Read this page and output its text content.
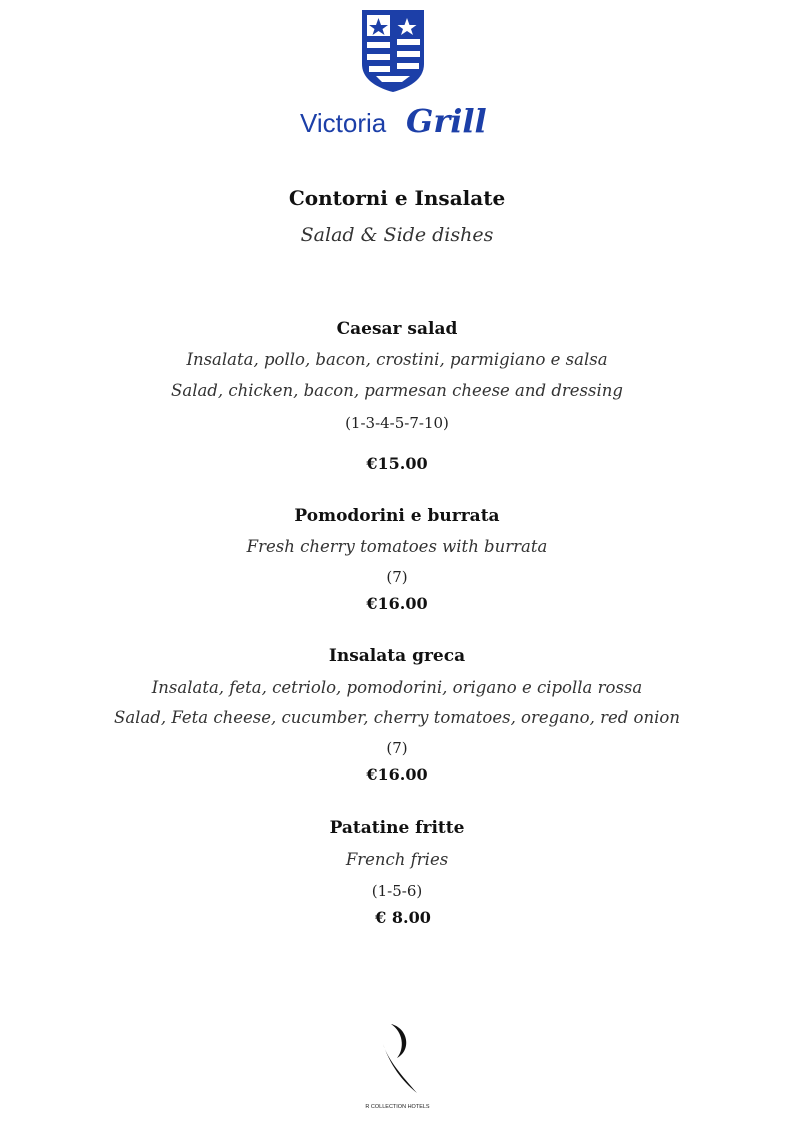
Victoria Grill
Contorni e Insalate
Salad & Side dishes
Caesar salad
Insalata, pollo, bacon, crostini, parmigiano e salsa
Salad, chicken, bacon, parmesan cheese and dressing
(1-3-4-5-7-10)
€15.00
Pomodorini e burrata
Fresh cherry tomatoes with burrata
(7)
€16.00
Insalata greca
Insalata, feta, cetriolo, pomodorini, origano e cipolla rossa
Salad, Feta cheese, cucumber, cherry tomatoes, oregano, red onion
(7)
€16.00
Patatine fritte
French fries
(1-5-6)
€ 8.00
R COLLECTION HOTELS
